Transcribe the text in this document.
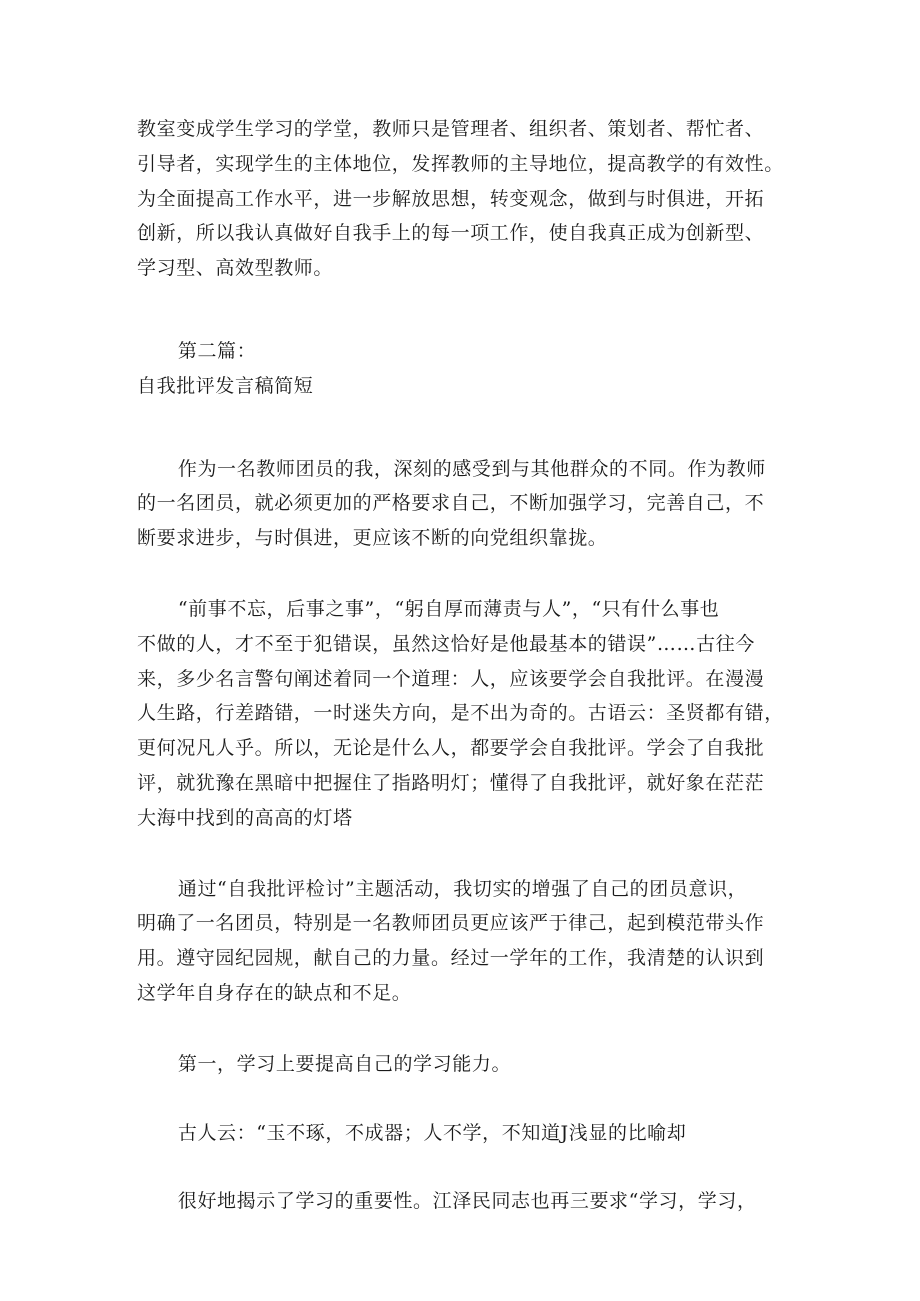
教室变成学生学习的学堂，教师只是管理者、组织者、策划者、帮忙者、
引导者，实现学生的主体地位，发挥教师的主导地位，提高教学的有效性。
为全面提高工作水平，进一步解放思想，转变观念，做到与时俱进，开拓
创新，所以我认真做好自我手上的每一项工作，使自我真正成为创新型、
学习型、高效型教师。

第二篇：
自我批评发言稿简短

作为一名教师团员的我，深刻的感受到与其他群众的不同。作为教师
的一名团员，就必须更加的严格要求自己，不断加强学习，完善自己，不
断要求进步，与时俱进，更应该不断的向党组织靠拢。

“前事不忘，后事之事”，“躬自厚而薄责与人”，“只有什么事也
不做的人，才不至于犯错误，虽然这恰好是他最基本的错误”……古往今
来，多少名言警句阐述着同一个道理：人，应该要学会自我批评。在漫漫
人生路，行差踏错，一时迷失方向，是不出为奇的。古语云：圣贤都有错，
更何况凡人乎。所以，无论是什么人，都要学会自我批评。学会了自我批
评，就犹豫在黑暗中把握住了指路明灯；懂得了自我批评，就好象在茫茫
大海中找到的高高的灯塔

通过“自我批评检讨”主题活动，我切实的增强了自己的团员意识，
明确了一名团员，特别是一名教师团员更应该严于律己，起到模范带头作
用。遵守园纪园规，献自己的力量。经过一学年的工作，我清楚的认识到
这学年自身存在的缺点和不足。

第一，学习上要提高自己的学习能力。

古人云：“玉不琢，不成器；人不学，不知道J浅显的比喻却

很好地揭示了学习的重要性。江泽民同志也再三要求“学习，学习，
